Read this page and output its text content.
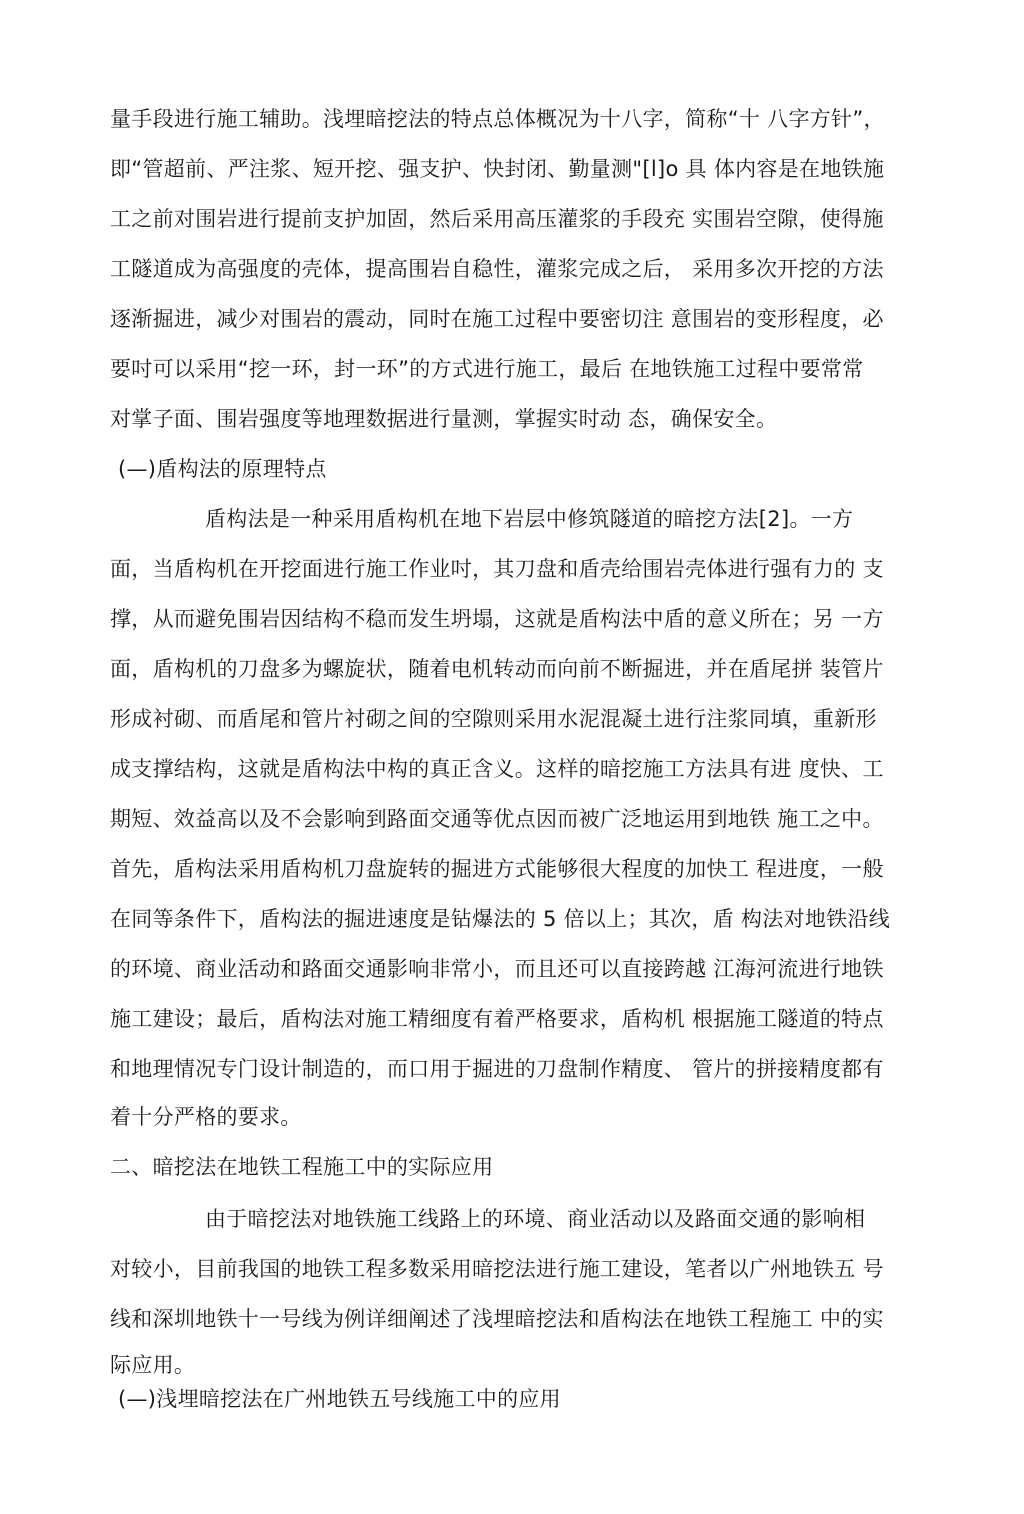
量手段进行施工辅助。浅埋暗挖法的特点总体概况为十八字，简称“十 八字方针”，
即“管超前、严注浆、短开挖、强支护、快封闭、勤量测"[l]o 具 体内容是在地铁施
工之前对围岩进行提前支护加固，然后采用高压灌浆的手段充 实围岩空隙，使得施
工隧道成为高强度的壳体，提高围岩自稳性，灌浆完成之后， 采用多次开挖的方法
逐渐掘进，减少对围岩的震动，同时在施工过程中要密切注 意围岩的变形程度，必
要吋可以采用“挖一环，封一环”的方式进行施工，最后 在地铁施工过程中要常常
对掌子面、围岩强度等地理数据进行量测，掌握实时动 态，确保安全。
(—)盾构法的原理特点
盾构法是一种采用盾构机在地下岩层中修筑隧道的暗挖方法[2]。一方
面，当盾构机在开挖面进行施工作业吋，其刀盘和盾壳给围岩壳体进行强有力的 支
撑，从而避免围岩因结构不稳而发生坍塌，这就是盾构法中盾的意义所在；另 一方
面，盾构机的刀盘多为螺旋状，随着电机转动而向前不断掘进，并在盾尾拼 装管片
形成衬砌、而盾尾和管片衬砌之间的空隙则采用水泥混凝土进行注浆同填，重新形
成支撑结构，这就是盾构法中构的真正含义。这样的暗挖施工方法具有进 度快、工
期短、效益高以及不会影响到路面交通等优点因而被广泛地运用到地铁 施工之中。
首先，盾构法采用盾构机刀盘旋转的掘进方式能够很大程度的加快工 程进度，一般
在同等条件下，盾构法的掘进速度是钻爆法的 5 倍以上；其次，盾 构法对地铁沿线
的环境、商业活动和路面交通影响非常小，而且还可以直接跨越 江海河流进行地铁
施工建设；最后，盾构法对施工精细度有着严格要求，盾构机 根据施工隧道的特点
和地理情况专门设计制造的，而口用于掘进的刀盘制作精度、 管片的拼接精度都有
着十分严格的要求。
二、暗挖法在地铁工程施工中的实际应用
由于暗挖法对地铁施工线路上的环境、商业活动以及路面交通的影响相
对较小，目前我国的地铁工程多数采用暗挖法进行施工建设，笔者以广州地铁五 号
线和深圳地铁十一号线为例详细阐述了浅埋暗挖法和盾构法在地铁工程施工 中的实
际应用。
(—)浅埋暗挖法在广州地铁五号线施工中的应用
